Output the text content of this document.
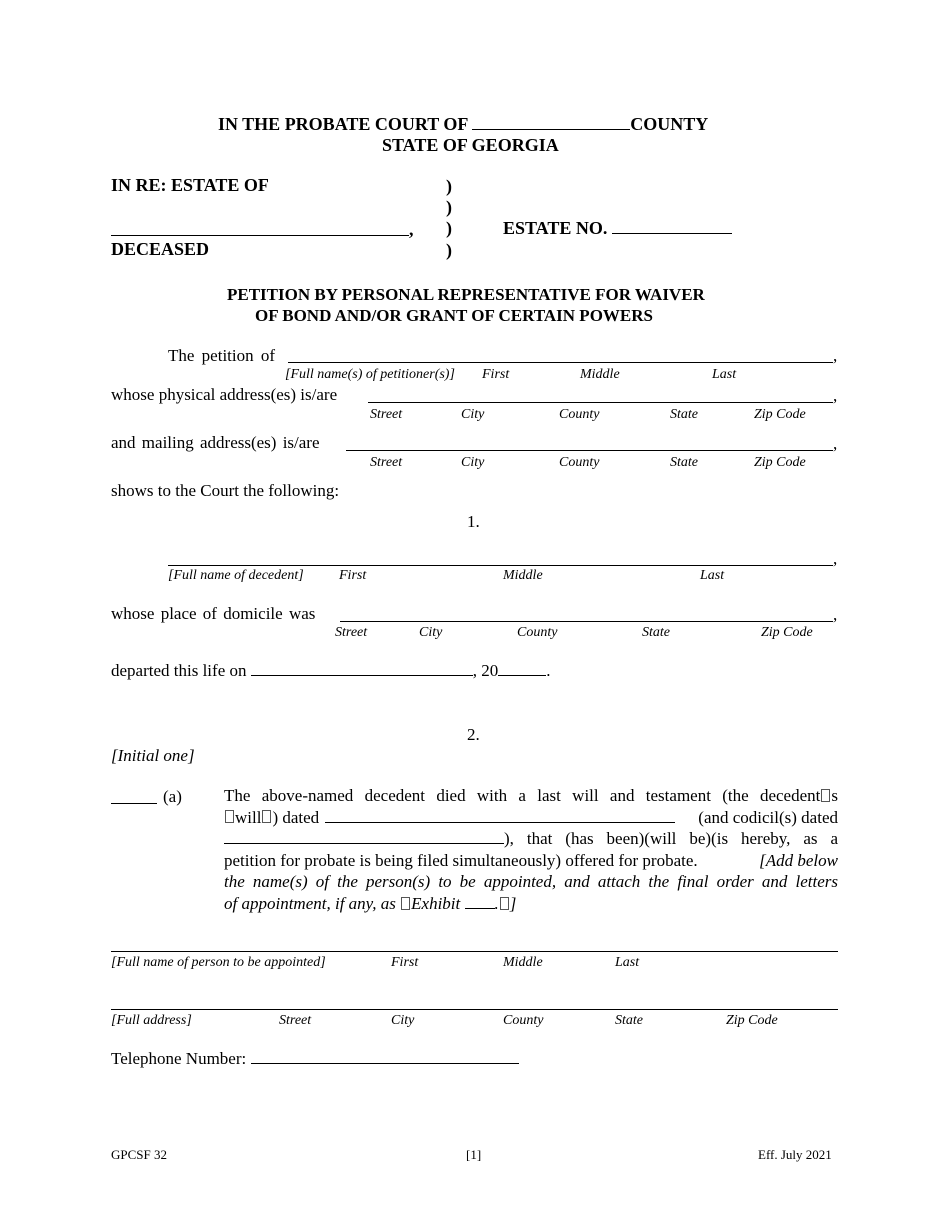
IN THE PROBATE COURT OF	COUNTY
STATE OF GEORGIA
IN RE: ESTATE OF
,
DECEASED
)
)
)
)
ESTATE NO.
PETITION BY PERSONAL REPRESENTATIVE FOR WAIVER
OF BOND AND/OR GRANT OF CERTAIN POWERS
The petition of	,
[Full name(s) of petitioner(s)] First	Middle	Last
whose physical address(es) is/are	,
Street	City	County	State	Zip Code
and mailing address(es) is/are	,
Street	City	County	State	Zip Code
shows to the Court the following:
1.
,
[Full name of decedent]	First	Middle	Last
whose place of domicile was	,
Street	City	County	State	Zip Code
departed this life on	, 20	.
2.
[Initial one]
(a) The above-named decedent died with a last will and testament (the decedent s
will ) dated	(and codicil(s) dated
), that (has been)(will be)(is hereby, as a
petition for probate is being filed simultaneously) offered for probate.	[Add below
the name(s) of the person(s) to be appointed, and attach the final order and letters
of appointment, if any, as Exhibit . ]
[Full name of person to be appointed]	First	Middle	Last
[Full address]	Street	City	County	State	Zip Code
Telephone Number:
GPCSF 32	[1]	Eff. July 2021
